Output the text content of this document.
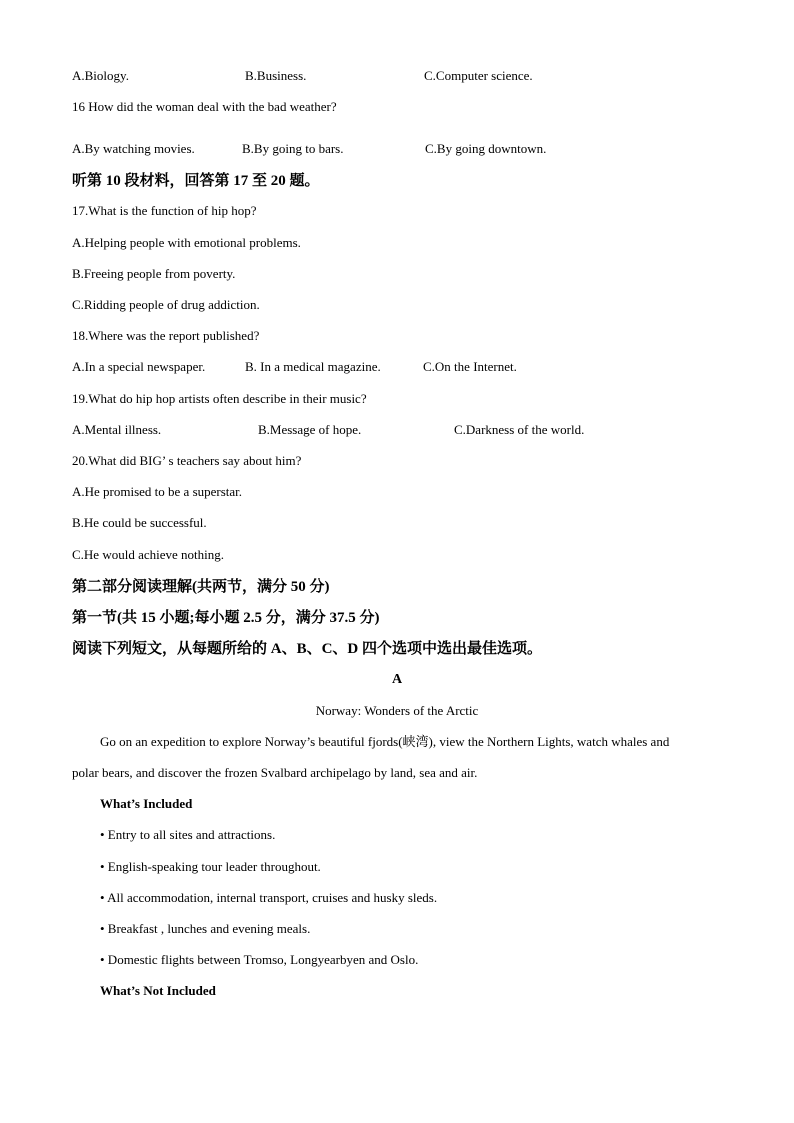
A.Biology.	B.Business.	C.Computer science.
16 How did the woman deal with the bad weather?
A.By watching movies.	B.By going to bars.	C.By going downtown.
听第 10 段材料，回答第 17 至 20 题。
17.What is the function of hip hop?
A.Helping people with emotional problems.
B.Freeing people from poverty.
C.Ridding people of drug addiction.
18.Where was the report published?
A.In a special newspaper.	B. In a medical magazine.	C.On the Internet.
19.What do hip hop artists often describe in their music?
A.Mental illness.	B.Message of hope.	C.Darkness of the world.
20.What did BIG’ s teachers say about him?
A.He promised to be a superstar.
B.He could be successful.
C.He would achieve nothing.
第二部分阅读理解(共两节，满分 50 分)
第一节(共 15 小题;每小题 2.5 分，满分 37.5 分)
阅读下列短文，从每题所给的 A、B、C、D 四个选项中选出最佳选项。
A
Norway: Wonders of the Arctic
Go on an expedition to explore Norway’s beautiful fjords(峡湾), view the Northern Lights, watch whales and
polar bears, and discover the frozen Svalbard archipelago by land, sea and air.
What’s Included
• Entry to all sites and attractions.
• English-speaking tour leader throughout.
• All accommodation, internal transport, cruises and husky sleds.
• Breakfast , lunches and evening meals.
• Domestic flights between Tromso, Longyearbyen and Oslo.
What’s Not Included
